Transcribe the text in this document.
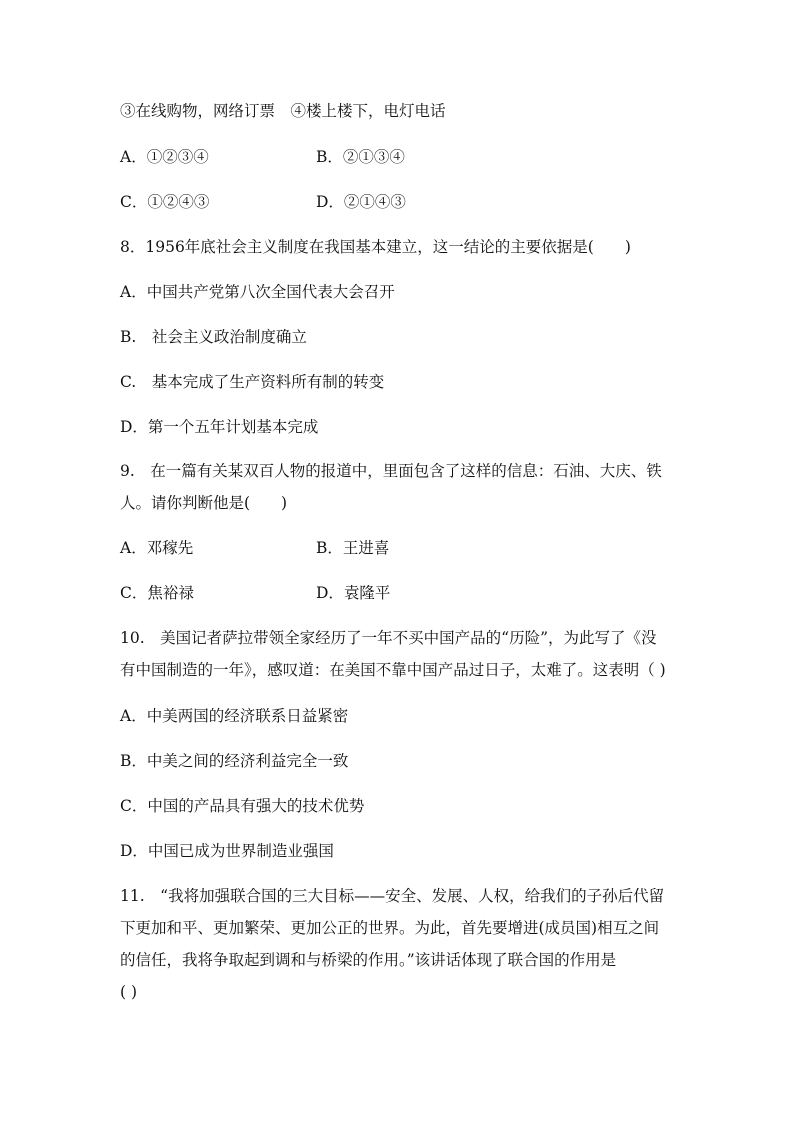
③在线购物，网络订票　④楼上楼下，电灯电话
A．①②③④	B．②①③④
C．①②④③	D．②①④③
8．1956年底社会主义制度在我国基本建立，这一结论的主要依据是(　　)
A．中国共产党第八次全国代表大会召开
B.　社会主义政治制度确立
C.　基本完成了生产资料所有制的转变
D．第一个五年计划基本完成
9.　在一篇有关某双百人物的报道中，里面包含了这样的信息：石油、大庆、铁
人。请你判断他是(　　)
A．邓稼先	B．王进喜
C．焦裕禄	D．袁隆平
10.　美国记者萨拉带领全家经历了一年不买中国产品的“历险”，为此写了《没
有中国制造的一年》，感叹道：在美国不靠中国产品过日子，太难了。这表明（ )
A．中美两国的经济联系日益紧密
B．中美之间的经济利益完全一致
C．中国的产品具有强大的技术优势
D．中国已成为世界制造业强国
11.　“我将加强联合国的三大目标——安全、发展、人权，给我们的子孙后代留
下更加和平、更加繁荣、更加公正的世界。为此，首先要增进(成员国)相互之间
的信任，我将争取起到调和与桥梁的作用。”该讲话体现了联合国的作用是
( )
